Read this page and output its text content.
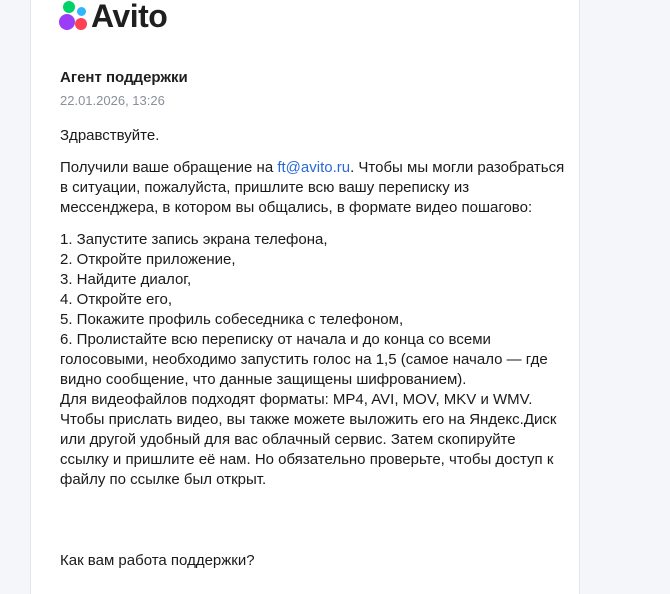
Avito
Агент поддержки
22.01.2026, 13:26

Здравствуйте.

Получили ваше обращение на ft@avito.ru. Чтобы мы могли разобраться в ситуации, пожалуйста, пришлите всю вашу переписку из мессенджера, в котором вы общались, в формате видео пошагово:

1. Запустите запись экрана телефона,

2. Откройте приложение,

3. Найдите диалог,

4. Откройте его,

5. Покажите профиль собеседника с телефоном,

6. Пролистайте всю переписку от начала и до конца со всеми голосовыми, необходимо запустить голос на 1,5 (самое начало — где видно сообщение, что данные защищены шифрованием).

Для видеофайлов подходят форматы: MP4, AVI, MOV, MKV и WMV. Чтобы прислать видео, вы также можете выложить его на Яндекс.Диск или другой удобный для вас облачный сервис. Затем скопируйте ссылку и пришлите её нам. Но обязательно проверьте, чтобы доступ к файлу по ссылке был открыт.

Как вам работа поддержки?
